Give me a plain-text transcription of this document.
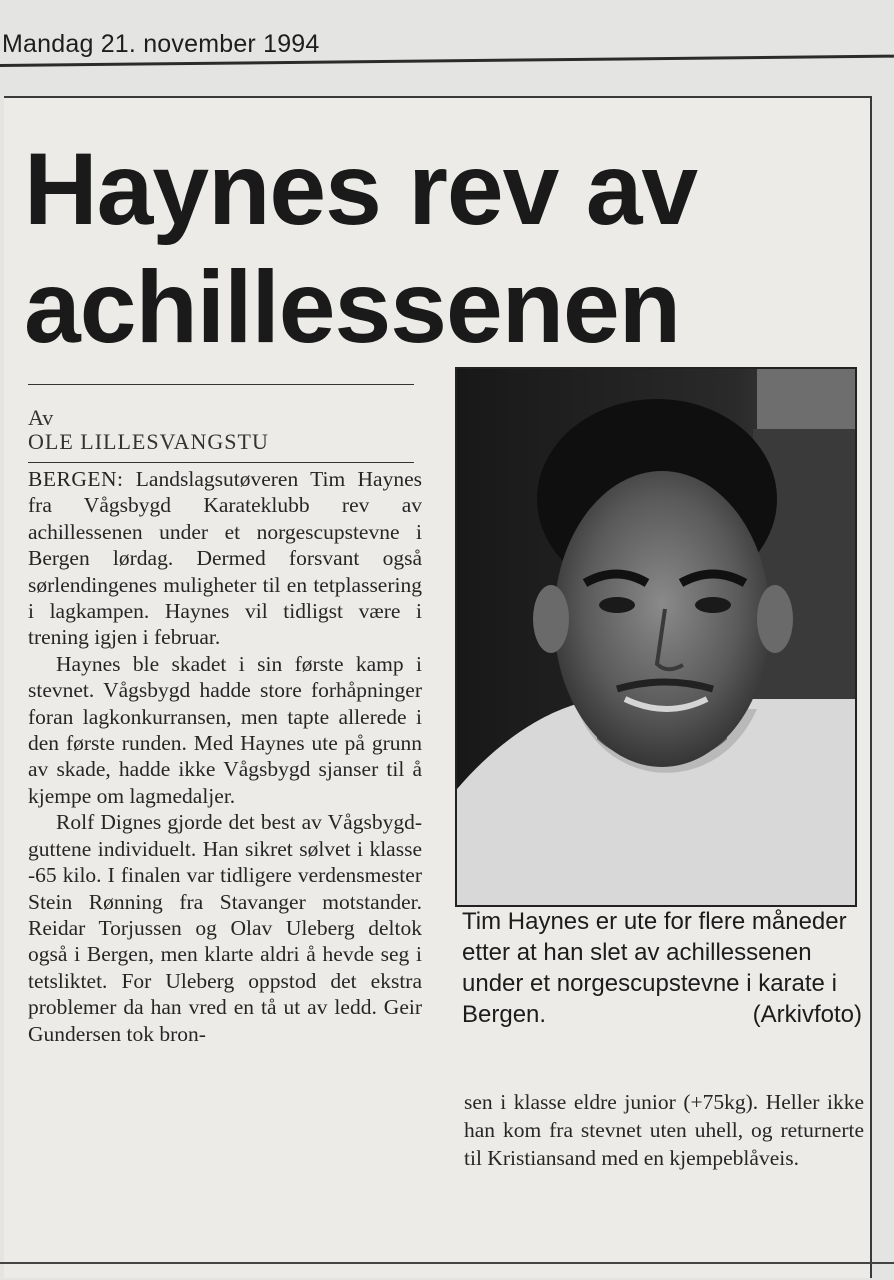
Mandag 21. november 1994
Haynes rev av
achillessenen
Av
OLE LILLESVANGSTU

BERGEN: Landslagsutøveren Tim Haynes fra Vågsbygd Karateklubb rev av achillessenen under et norgescupstevne i Bergen lørdag. Dermed forsvant også sørlendingenes muligheter til en tetplassering i lagkampen. Haynes vil tidligst være i trening igjen i februar.

Haynes ble skadet i sin første kamp i stevnet. Vågsbygd hadde store forhåpninger foran lagkonkurransen, men tapte allerede i den første runden. Med Haynes ute på grunn av skade, hadde ikke Vågsbygd sjanser til å kjempe om lagmedaljer.

Rolf Dignes gjorde det best av Vågsbygd-guttene individuelt. Han sikret sølvet i klasse -65 kilo. I finalen var tidligere verdensmester Stein Rønning fra Stavanger motstander. Reidar Torjussen og Olav Uleberg deltok også i Bergen, men klarte aldri å hevde seg i tetsliktet. For Uleberg oppstod det ekstra problemer da han vred en tå ut av ledd. Geir Gundersen tok bron-

Tim Haynes er ute for flere måneder etter at han slet av achillessenen under et norgescupstevne i karate i Bergen.	(Arkivfoto)

sen i klasse eldre junior (+75kg). Heller ikke han kom fra stevnet uten uhell, og returnerte til Kristiansand med en kjempeblåveis.
